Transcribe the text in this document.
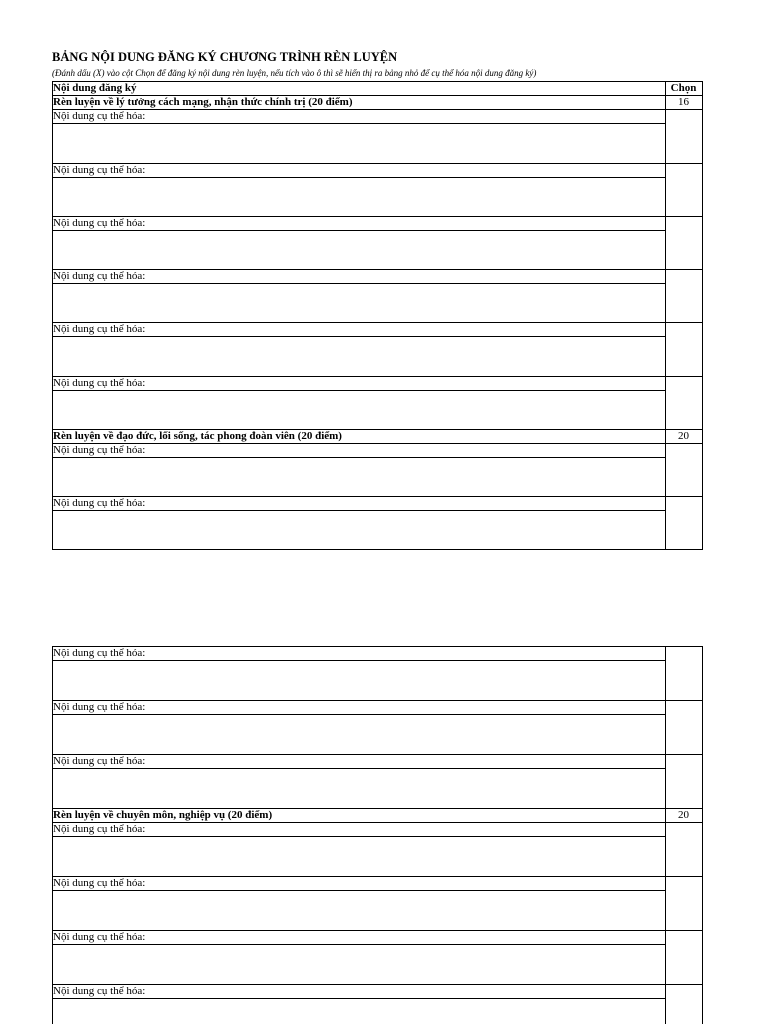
BẢNG NỘI DUNG ĐĂNG KÝ CHƯƠNG TRÌNH RÈN LUYỆN
(Đánh dấu (X) vào cột Chọn để đăng ký nội dung rèn luyện, nếu tích vào ô thì sẽ hiển thị ra bảng nhỏ để cụ thể hóa nội dung đăng ký)
Nội dung đăng ký	Chọn
Rèn luyện về lý tưởng cách mạng, nhận thức chính trị (20 điểm)	16
Nội dung cụ thể hóa:
Nội dung cụ thể hóa:
Nội dung cụ thể hóa:
Nội dung cụ thể hóa:
Nội dung cụ thể hóa:
Nội dung cụ thể hóa:
Rèn luyện về đạo đức, lối sống, tác phong đoàn viên (20 điểm)	20
Nội dung cụ thể hóa:
Nội dung cụ thể hóa:
Nội dung cụ thể hóa:
Nội dung cụ thể hóa:
Nội dung cụ thể hóa:
Rèn luyện về chuyên môn, nghiệp vụ (20 điểm)	20
Nội dung cụ thể hóa:
Nội dung cụ thể hóa:
Nội dung cụ thể hóa:
Nội dung cụ thể hóa:
